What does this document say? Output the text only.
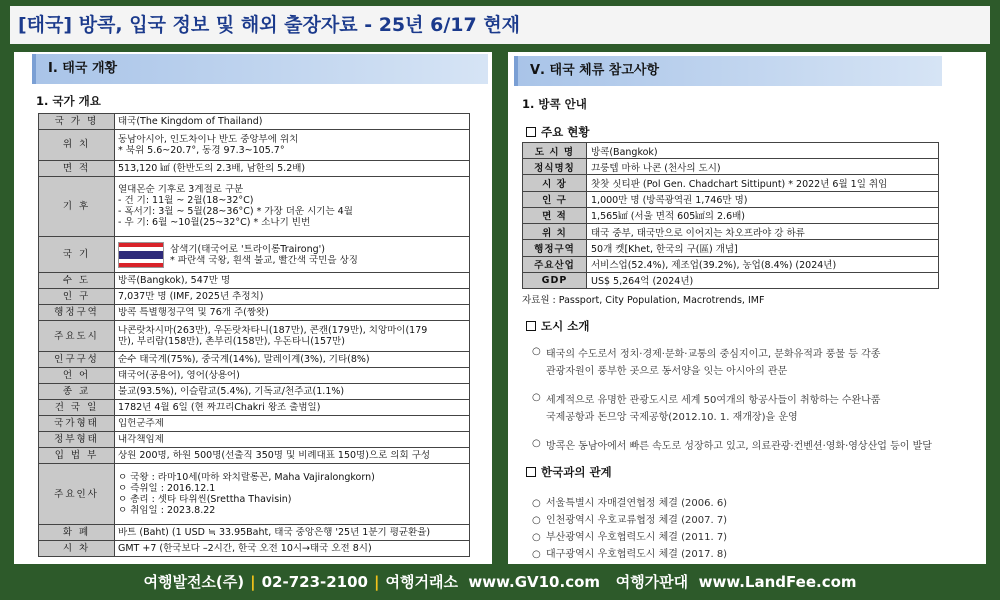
[태국] 방콕, 입국 정보 및 해외 출장자료 - 25년 6/17 현재
Ⅰ. 태국 개황
1. 국가 개요
국 가 명	태국(The Kingdom of Thailand)

위 치	동남아시아, 인도차이나 반도 중앙부에 위치
* 북위 5.6~20.7°, 동경 97.3~105.7°

면 적	513,120 ㎢ (한반도의 2.3배, 남한의 5.2배)

기 후	열대몬순 기후로 3계절로 구분
- 건 기: 11월 ~ 2월(18~32°C)
- 혹서기: 3월 ~ 5월(28~36°C) * 가장 더운 시기는 4월
- 우 기: 6월 ~10월(25~32°C) * 소나기 빈번

국 기	삼색기(태국어로 '트라이롱Trairong')
* 파란색 국왕, 흰색 불교, 빨간색 국민을 상징

수 도	방콕(Bangkok), 547만 명

인 구	7,037만 명 (IMF, 2025년 추정치)

행정구역	방콕 특별행정구역 및 76개 주(짱왓)

주요도시	나콘랏차시마(263만), 우돈랏차타니(187만), 콘캔(179만), 치앙마이(179
만), 부리람(158만), 촌부리(158만), 우돈타니(157만)

인구구성	순수 태국계(75%), 중국계(14%), 말레이계(3%), 기타(8%)

언 어	태국어(공용어), 영어(상용어)

종 교	불교(93.5%), 이슬람교(5.4%), 기독교/천주교(1.1%)

건 국 일	1782년 4월 6일 (현 짜끄리Chakri 왕조 출범일)

국가형태	입헌군주제

정부형태	내각책임제

입 법 부	상원 200명, 하원 500명(선출직 350명 및 비례대표 150명)으로 의회 구성

주요인사	ㅇ 국왕 : 라마10세(마하 와치랄롱꼰, Maha Vajiralongkorn)
ㅇ 즉위일 : 2016.12.1
ㅇ 총리 : 셋타 타위씬(Srettha Thavisin)
ㅇ 취임일 : 2023.8.22

화 폐	바트 (Baht) (1 USD ≒ 33.95Baht, 태국 중앙은행 '25년 1분기 평균환율)

시 차	GMT +7 (한국보다 –2시간, 한국 오전 10시→태국 오전 8시)
Ⅴ. 태국 체류 참고사항
1. 방콕 안내
주요 현황
도 시 명	방콕(Bangkok)
정식명칭	끄룽텝 마하 나콘 (천사의 도시)
시 장	찻찻 싯티판 (Pol Gen. Chadchart Sittipunt) * 2022년 6월 1일 취임
인 구	1,000만 명 (방콕광역권 1,746만 명)
면 적	1,565㎢ (서울 면적 605㎢의 2.6배)
위 치	태국 중부, 태국만으로 이어지는 차오프라야 강 하류
행정구역	50개 켓[Khet, 한국의 구(區) 개념]
주요산업	서비스업(52.4%), 제조업(39.2%), 농업(8.4%) (2024년)
GDP	US$ 5,264억 (2024년)
자료원 : Passport, City Population, Macrotrends, IMF
도시 소개
○ 태국의 수도로서 정치·경제·문화·교통의 중심지이고, 문화유적과 풍물 등 각종
관광자원이 풍부한 곳으로 동서양을 잇는 아시아의 관문
○ 세계적으로 유명한 관광도시로 세계 50여개의 항공사들이 취항하는 수완나품
국제공항과 돈므앙 국제공항(2012.10. 1. 재개장)을 운영
○ 방콕은 동남아에서 빠른 속도로 성장하고 있고, 의료관광·컨벤션·영화·영상산업 등이 발달
한국과의 관계
○ 서울특별시 자매결연협정 체결 (2006. 6)
○ 인천광역시 우호교류협정 체결 (2007. 7)
○ 부산광역시 우호협력도시 체결 (2011. 7)
○ 대구광역시 우호협력도시 체결 (2017. 8)
여행발전소(주) | 02-723-2100 | 여행거래소 www.GV10.com 여행가판대 www.LandFee.com
